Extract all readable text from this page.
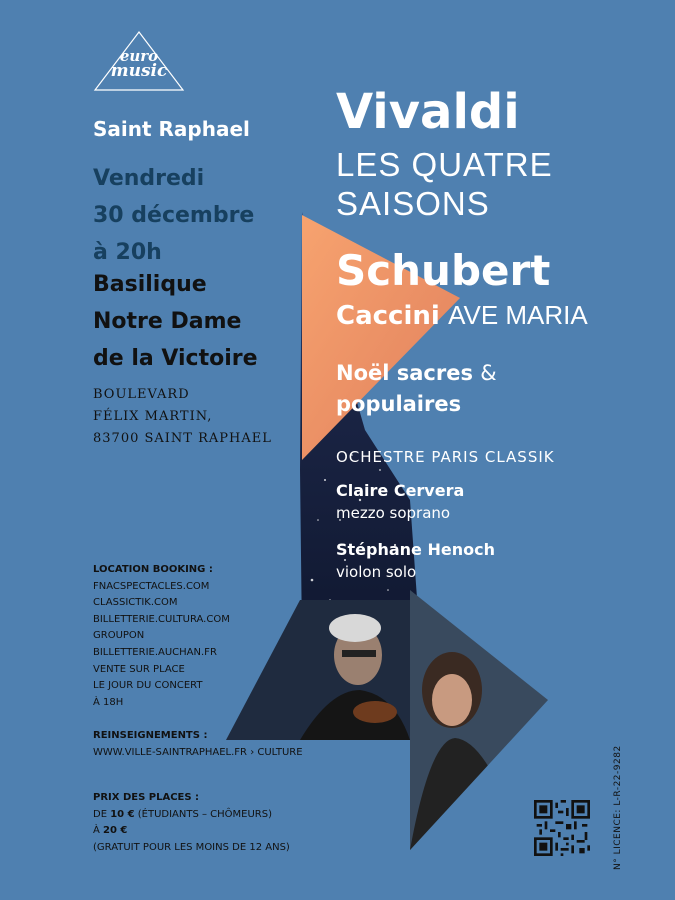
euro
music
Saint Raphael
Vendredi
30 décembre
à 20h
Basilique
Notre Dame
de la Victoire
BOULEVARD
FÉLIX MARTIN,
83700 SAINT RAPHAEL
LOCATION BOOKING :
FNACSPECTACLES.COM
CLASSICTIK.COM
BILLETTERIE.CULTURA.COM
GROUPON
BILLETTERIE.AUCHAN.FR
VENTE SUR PLACE
LE JOUR DU CONCERT
À 18H
REINSEIGNEMENTS :
WWW.VILLE-SAINTRAPHAEL.FR › CULTURE
PRIX DES PLACES :
DE 10 € (ÉTUDIANTS – CHÔMEURS)
À 20 €
(GRATUIT POUR LES MOINS DE 12 ANS)
Vivaldi
LES QUATRE
SAISONS
Schubert
Caccini AVE MARIA
Noël sacres &
populaires
OCHESTRE PARIS CLASSIK
Claire Cervera
mezzo soprano
Stéphane Henoch
violon solo
N° LICENCE: L-R-22-9282
